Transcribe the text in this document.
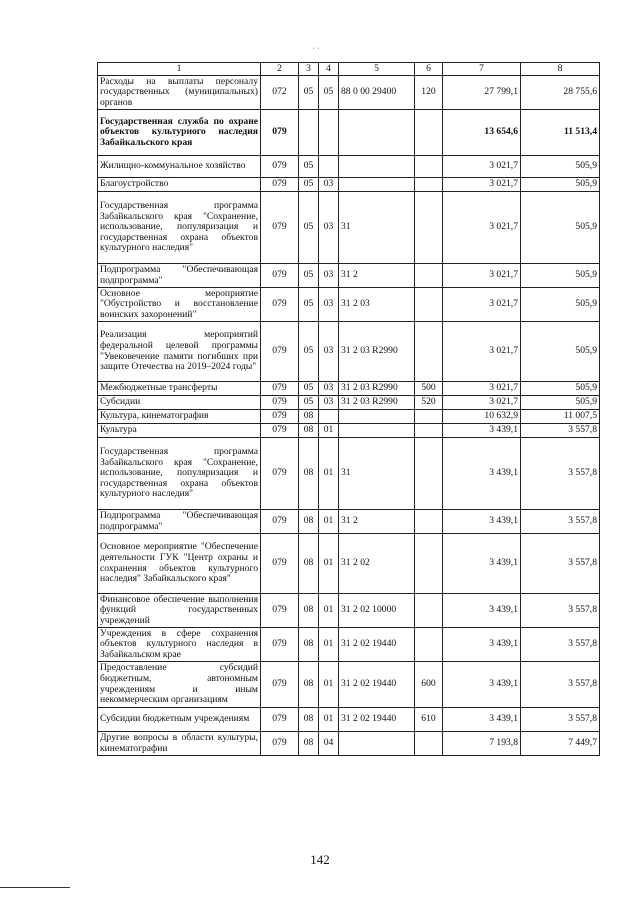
1	2	3	4	5	6	7	8
Расходы на выплаты персоналу государственных (муниципальных) органов	072	05	05	88 0 00 29400	120	27 799,1	28 755,6
Государственная служба по охране объектов культурного наследия Забайкальского края	079					13 654,6	11 513,4
Жилищно-коммунальное хозяйство	079	05				3 021,7	505,9
Благоустройство	079	05	03			3 021,7	505,9
Государственная программа Забайкальского края "Сохранение, использование, популяризация и государственная охрана объектов культурного наследия"	079	05	03	31		3 021,7	505,9
Подпрограмма "Обеспечивающая подпрограмма"	079	05	03	31 2		3 021,7	505,9
Основное мероприятие "Обустройство и восстановление воинских захоронений"	079	05	03	31 2 03		3 021,7	505,9
Реализация мероприятий федеральной целевой программы "Увековечение памяти погибших при защите Отечества на 2019–2024 годы"	079	05	03	31 2 03 R2990		3 021,7	505,9
Межбюджетные трансферты	079	05	03	31 2 03 R2990	500	3 021,7	505,9
Субсидии	079	05	03	31 2 03 R2990	520	3 021,7	505,9
Культура, кинематография	079	08				10 632,9	11 007,5
Культура	079	08	01			3 439,1	3 557,8
Государственная программа Забайкальского края "Сохранение, использование, популяризация и государственная охрана объектов культурного наследия"	079	08	01	31		3 439,1	3 557,8
Подпрограмма "Обеспечивающая подпрограмма"	079	08	01	31 2		3 439,1	3 557,8
Основное мероприятие "Обеспечение деятельности ГУК "Центр охраны и сохранения объектов культурного наследия" Забайкальского края"	079	08	01	31 2 02		3 439,1	3 557,8
Финансовое обеспечение выполнения функций государственных учреждений	079	08	01	31 2 02 10000		3 439,1	3 557,8
Учреждения в сфере сохранения объектов культурного наследия в Забайкальском крае	079	08	01	31 2 02 19440		3 439,1	3 557,8
Предоставление субсидий бюджетным, автономным учреждениям и иным некоммерческим организациям	079	08	01	31 2 02 19440	600	3 439,1	3 557,8
Субсидии бюджетным учреждениям	079	08	01	31 2 02 19440	610	3 439,1	3 557,8
Другие вопросы в области культуры, кинематографии	079	08	04			7 193,8	7 449,7
142
ˎ ˏ
